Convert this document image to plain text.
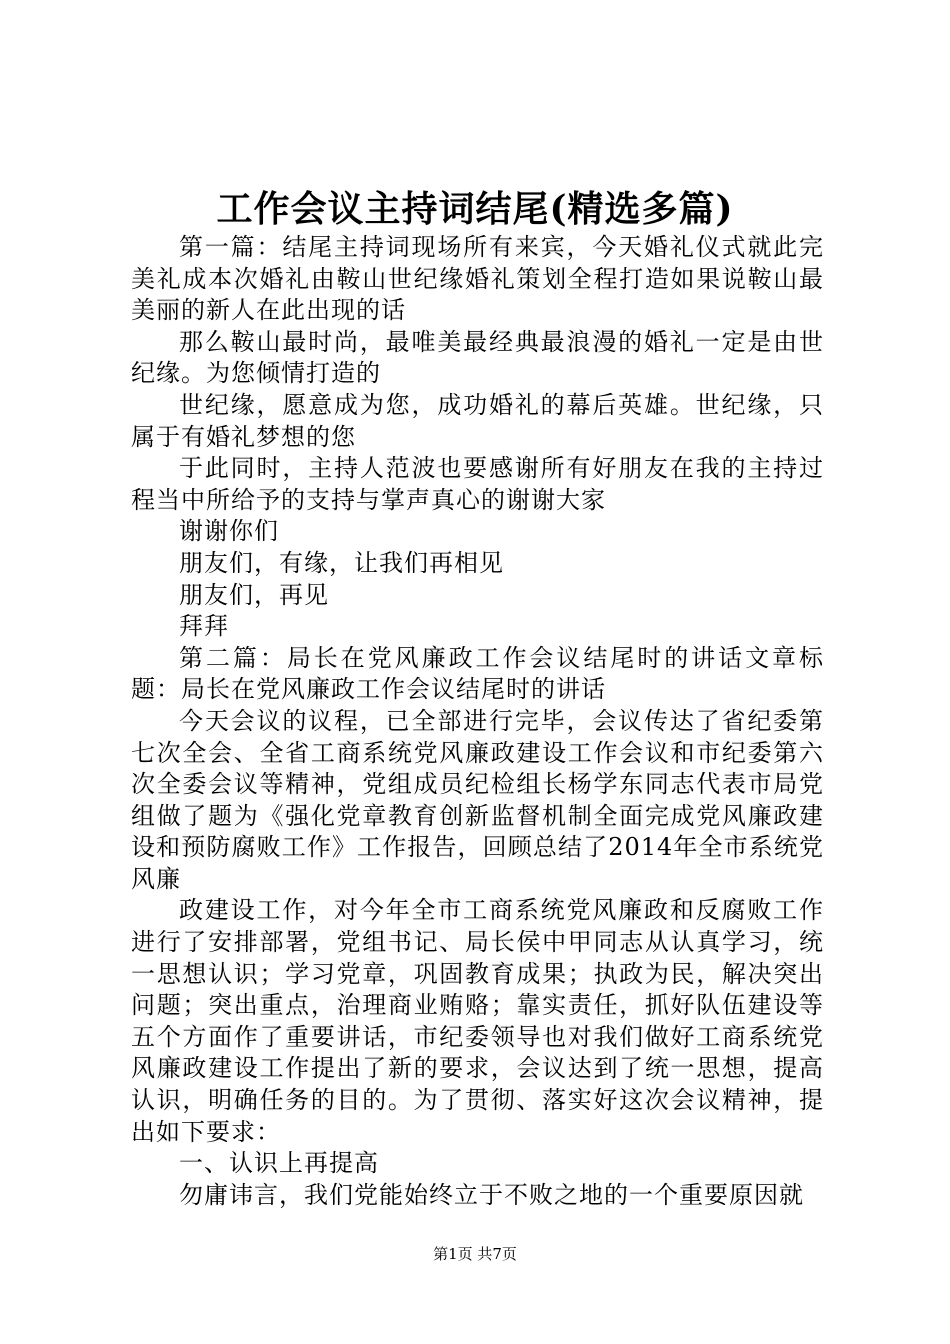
工作会议主持词结尾(精选多篇)

第一篇：结尾主持词现场所有来宾，今天婚礼仪式就此完美礼成本次婚礼由鞍山世纪缘婚礼策划全程打造如果说鞍山最美丽的新人在此出现的话

那么鞍山最时尚，最唯美最经典最浪漫的婚礼一定是由世纪缘。为您倾情打造的

世纪缘，愿意成为您，成功婚礼的幕后英雄。世纪缘，只属于有婚礼梦想的您

于此同时，主持人范波也要感谢所有好朋友在我的主持过程当中所给予的支持与掌声真心的谢谢大家

谢谢你们

朋友们，有缘，让我们再相见

朋友们，再见

拜拜

第二篇：局长在党风廉政工作会议结尾时的讲话文章标题：局长在党风廉政工作会议结尾时的讲话

今天会议的议程，已全部进行完毕，会议传达了省纪委第七次全会、全省工商系统党风廉政建设工作会议和市纪委第六次全委会议等精神，党组成员纪检组长杨学东同志代表市局党组做了题为《强化党章教育创新监督机制全面完成党风廉政建设和预防腐败工作》工作报告，回顾总结了2014年全市系统党风廉

政建设工作，对今年全市工商系统党风廉政和反腐败工作进行了安排部署，党组书记、局长侯中甲同志从认真学习，统一思想认识；学习党章，巩固教育成果；执政为民，解决突出问题；突出重点，治理商业贿赂；靠实责任，抓好队伍建设等五个方面作了重要讲话，市纪委领导也对我们做好工商系统党风廉政建设工作提出了新的要求，会议达到了统一思想，提高认识，明确任务的目的。为了贯彻、落实好这次会议精神，提出如下要求：

一、认识上再提高

勿庸讳言，我们党能始终立于不败之地的一个重要原因就

第1页 共7页
